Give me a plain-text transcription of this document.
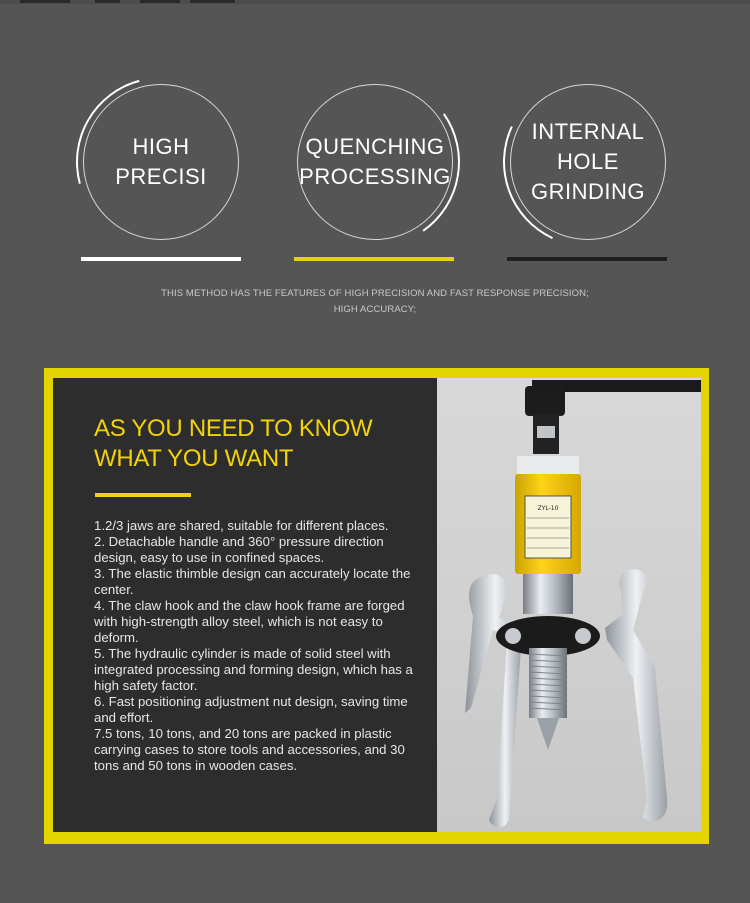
HIGH
PRECISI
QUENCHING
PROCESSING
INTERNAL
HOLE
GRINDING
THIS METHOD HAS THE FEATURES OF HIGH PRECISION AND FAST RESPONSE PRECISION; HIGH ACCURACY;
AS YOU NEED TO KNOW
WHAT YOU WANT

1.2/3 jaws are shared, suitable for different places.

2. Detachable handle and 360° pressure direction design, easy to use in confined spaces.

3. The elastic thimble design can accurately locate the center.

4. The claw hook and the claw hook frame are forged with high-strength alloy steel, which is not easy to deform.

5. The hydraulic cylinder is made of solid steel with integrated processing and forming design, which has a high safety factor.

6. Fast positioning adjustment nut design, saving time and effort.

7.5 tons, 10 tons, and 20 tons are packed in plastic carrying cases to store tools and accessories, and 30 tons and 50 tons in wooden cases.

ZYL-10
